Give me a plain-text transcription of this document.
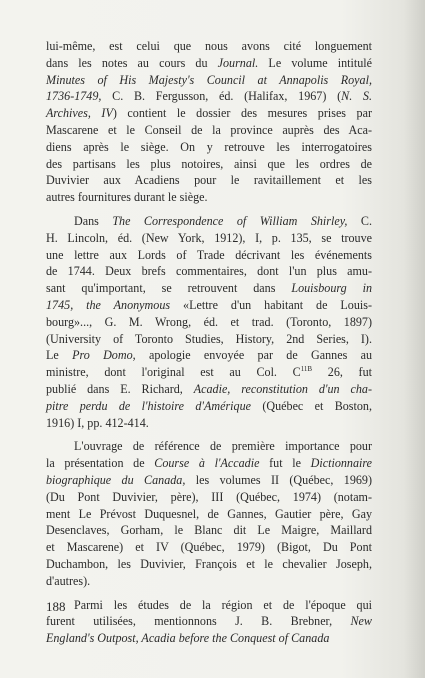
lui-même, est celui que nous avons cité longuement
dans les notes au cours du Journal. Le volume intitulé
Minutes of His Majesty's Council at Annapolis Royal,
1736-1749, C. B. Fergusson, éd. (Halifax, 1967) (N. S.
Archives, IV) contient le dossier des mesures prises par
Mascarene et le Conseil de la province auprès des Aca-
diens après le siège. On y retrouve les interrogatoires
des partisans les plus notoires, ainsi que les ordres de
Duvivier aux Acadiens pour le ravitaillement et les
autres fournitures durant le siège.

Dans The Correspondence of William Shirley, C.
H. Lincoln, éd. (New York, 1912), I, p. 135, se trouve
une lettre aux Lords of Trade décrivant les événements
de 1744. Deux brefs commentaires, dont l'un plus amu-
sant qu'important, se retrouvent dans Louisbourg in
1745, the Anonymous «Lettre d'un habitant de Louis-
bourg»..., G. M. Wrong, éd. et trad. (Toronto, 1897)
(University of Toronto Studies, History, 2nd Series, I).
Le Pro Domo, apologie envoyée par de Gannes au
ministre, dont l'original est au Col. $C^{11B}$ 26, fut
publié dans E. Richard, Acadie, reconstitution d'un cha-
pitre perdu de l'histoire d'Amérique (Québec et Boston,
1916) I, pp. 412-414.

L'ouvrage de référence de première importance pour
la présentation de Course à l'Accadie fut le Dictionnaire
biographique du Canada, les volumes II (Québec, 1969)
(Du Pont Duvivier, père), III (Québec, 1974) (notam-
ment Le Prévost Duquesnel, de Gannes, Gautier père, Gay
Desenclaves, Gorham, le Blanc dit Le Maigre, Maillard
et Mascarene) et IV (Québec, 1979) (Bigot, Du Pont
Duchambon, les Duvivier, François et le chevalier Joseph,
d'autres).

Parmi les études de la région et de l'époque qui
furent utilisées, mentionnons J. B. Brebner, New
England's Outpost, Acadia before the Conquest of Canada

188
